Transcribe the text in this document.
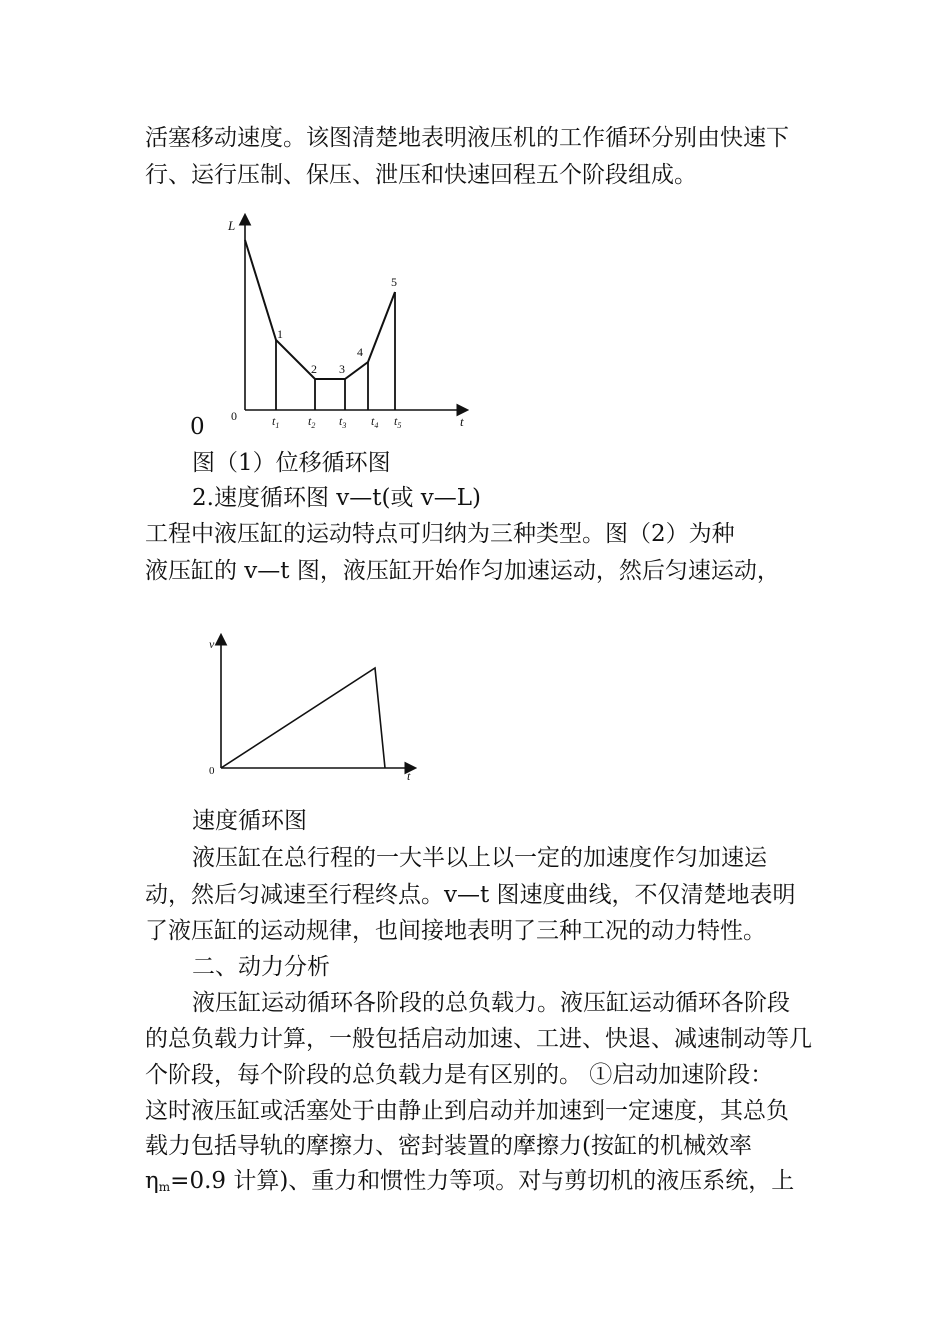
活塞移动速度。该图清楚地表明液压机的工作循环分别由快速下
行、运行压制、保压、泄压和快速回程五个阶段组成。
L
t
0
1
2 3
4
5
$t_1$ $t_2$ $t_3$ $t_4$ $t_5$
0
图（1）位移循环图
2.速度循环图 v—t(或 v—L)
工程中液压缸的运动特点可归纳为三种类型。图（2）为种
液压缸的 v—t 图，液压缸开始作匀加速运动，然后匀速运动，
v
t
0
速度循环图
液压缸在总行程的一大半以上以一定的加速度作匀加速运
动，然后匀减速至行程终点。v—t 图速度曲线，不仅清楚地表明
了液压缸的运动规律，也间接地表明了三种工况的动力特性。
二、动力分析
液压缸运动循环各阶段的总负载力。液压缸运动循环各阶段
的总负载力计算，一般包括启动加速、工进、快退、减速制动等几
个阶段，每个阶段的总负载力是有区别的。 ①启动加速阶段：
这时液压缸或活塞处于由静止到启动并加速到一定速度，其总负
载力包括导轨的摩擦力、密封装置的摩擦力(按缸的机械效率
ηm=0.9 计算)、重力和惯性力等项。对与剪切机的液压系统，上
